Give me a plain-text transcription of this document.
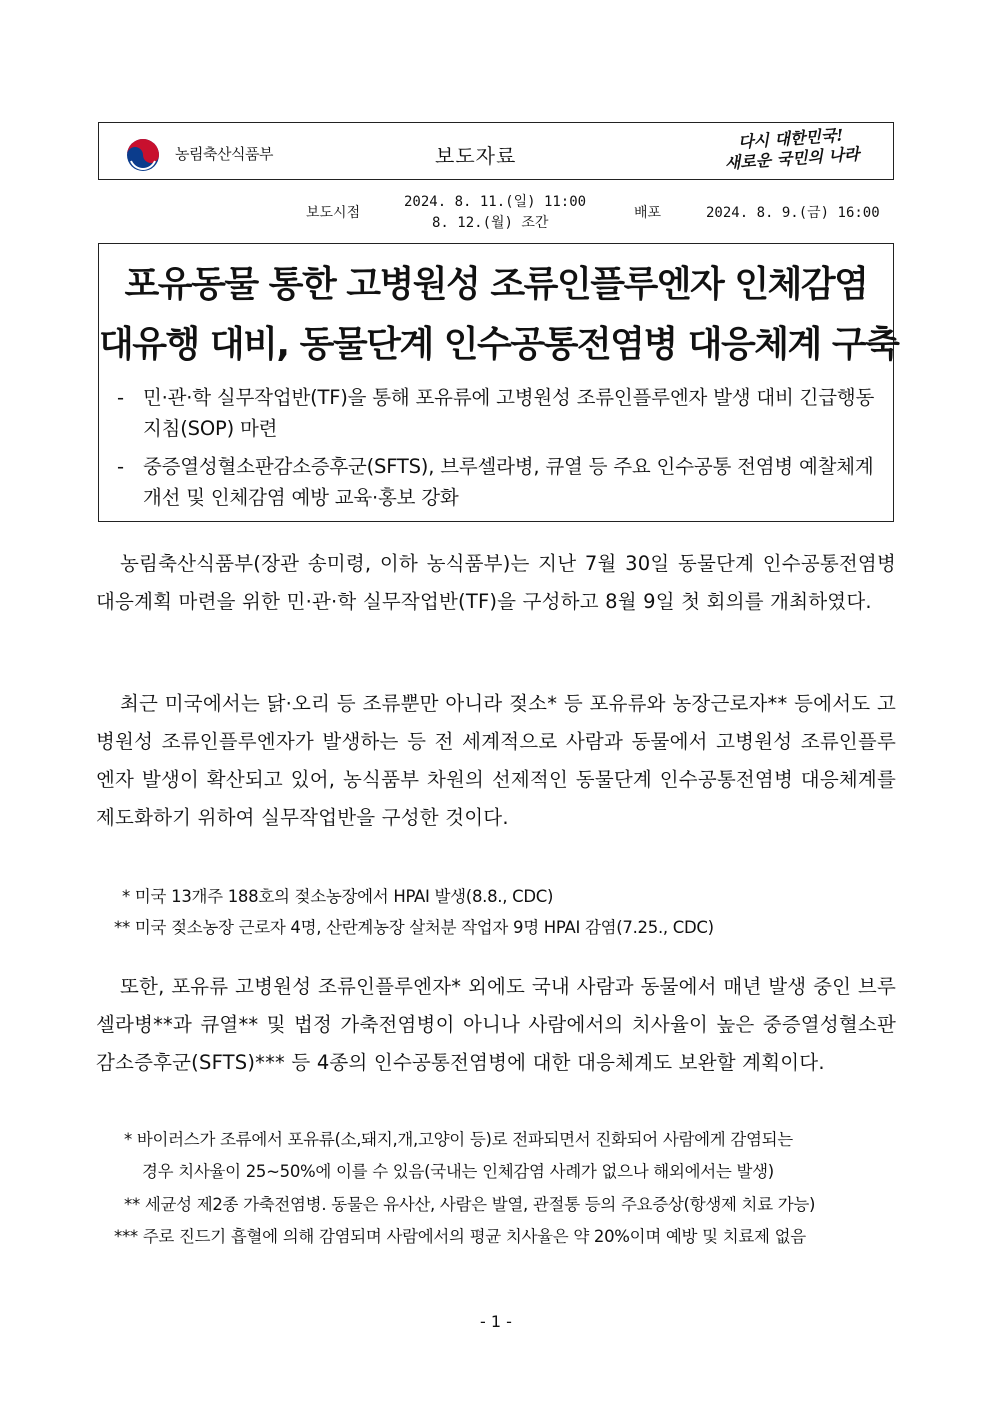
농림축산식품부	보도자료
다시 대한민국!
새로운 국민의 나라
보도시점
2024. 8. 11.(일) 11:00
8. 12.(월) 조간
배포	2024. 8. 9.(금) 16:00
포유동물 통한 고병원성 조류인플루엔자 인체감염
대유행 대비, 동물단계 인수공통전염병 대응체계 구축
- 민·관·학 실무작업반(TF)을 통해 포유류에 고병원성 조류인플루엔자 발생 대비 긴급행동지침(SOP) 마련
- 중증열성혈소판감소증후군(SFTS), 브루셀라병, 큐열 등 주요 인수공통 전염병 예찰체계 개선 및 인체감염 예방 교육·홍보 강화
농림축산식품부(장관 송미령, 이하 농식품부)는 지난 7월 30일 동물단계 인수공통전염병 대응계획 마련을 위한 민·관·학 실무작업반(TF)을 구성하고 8월 9일 첫 회의를 개최하였다.
최근 미국에서는 닭·오리 등 조류뿐만 아니라 젖소* 등 포유류와 농장근로자** 등에서도 고병원성 조류인플루엔자가 발생하는 등 전 세계적으로 사람과 동물에서 고병원성 조류인플루엔자 발생이 확산되고 있어, 농식품부 차원의 선제적인 동물단계 인수공통전염병 대응체계를 제도화하기 위하여 실무작업반을 구성한 것이다.
* 미국 13개주 188호의 젖소농장에서 HPAI 발생(8.8., CDC)
** 미국 젖소농장 근로자 4명, 산란계농장 살처분 작업자 9명 HPAI 감염(7.25., CDC)
또한, 포유류 고병원성 조류인플루엔자* 외에도 국내 사람과 동물에서 매년 발생 중인 브루셀라병**과 큐열** 및 법정 가축전염병이 아니나 사람에서의 치사율이 높은 중증열성혈소판감소증후군(SFTS)*** 등 4종의 인수공통전염병에 대한 대응체계도 보완할 계획이다.
* 바이러스가 조류에서 포유류(소,돼지,개,고양이 등)로 전파되면서 진화되어 사람에게 감염되는
경우 치사율이 25~50%에 이를 수 있음(국내는 인체감염 사례가 없으나 해외에서는 발생)
** 세균성 제2종 가축전염병. 동물은 유사산, 사람은 발열, 관절통 등의 주요증상(항생제 치료 가능)
*** 주로 진드기 흡혈에 의해 감염되며 사람에서의 평균 치사율은 약 20%이며 예방 및 치료제 없음
- 1 -
